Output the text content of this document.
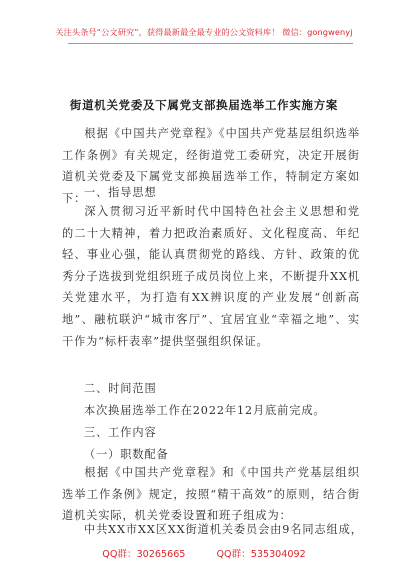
关注头条号“公文研究”，获得最新最全最专业的公文资料库！ 微信：gongwenyj
街道机关党委及下属党支部换届选举工作实施方案
根据《中国共产党章程》《中国共产党基层组织选举工作条例》有关规定，经街道党工委研究，决定开展街道机关党委及下属党支部换届选举工作，特制定方案如下：
一、指导思想
深入贯彻习近平新时代中国特色社会主义思想和党的二十大精神，着力把政治素质好、文化程度高、年纪轻、事业心强，能认真贯彻党的路线、方针、政策的优秀分子选拔到党组织班子成员岗位上来，不断提升XX机关党建水平，为打造有XX辨识度的产业发展“创新高地”、融杭联沪“城市客厅”、宜居宜业“幸福之地”、实干作为“标杆表率”提供坚强组织保证。
二、时间范围
本次换届选举工作在2022年12月底前完成。
三、工作内容
（一）职数配备
根据《中国共产党章程》和《中国共产党基层组织选举工作条例》规定，按照“精干高效”的原则，结合街道机关实际，机关党委设置和班子组成为：
中共XX市XX区XX街道机关委员会由9名同志组成，
QQ群：30265665	QQ群：535304092
